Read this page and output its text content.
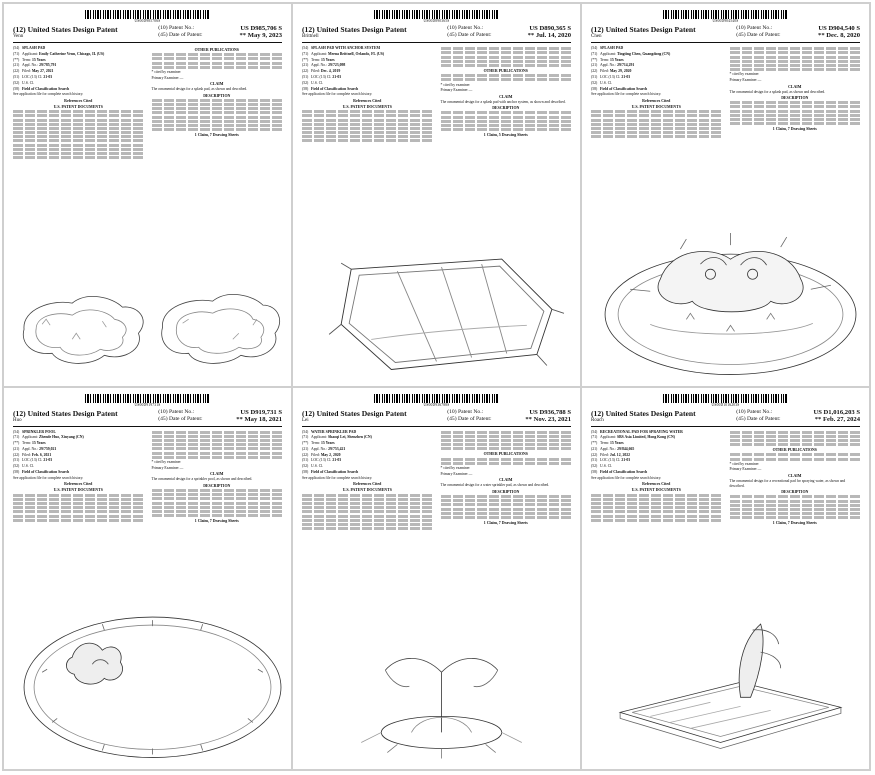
US00D985706S
(12) United States Design Patent
Venn
(10) Patent No.:	US D985,706 S
(45) Date of Patent:	** May 9, 2023
(54) SPLASH PAD
(71) Applicant: Emily Catherine Venn, Chicago, IL (US)
(**) Term: 15 Years
(21) Appl. No.: 29/785,791
(22) Filed: May 27, 2021
(51) LOC (13) Cl. 21-03
(52) U.S. Cl.
(58) Field of Classification Search
See application file for complete search history.
References Cited
U.S. PATENT DOCUMENTS
OTHER PUBLICATIONS
* cited by examiner
Primary Examiner —
CLAIM
The ornamental design for a splash pad, as shown and described.
DESCRIPTION
1 Claim, 7 Drawing Sheets
US00D890365S
(12) United States Design Patent
Brittnell
(10) Patent No.:	US D890,365 S
(45) Date of Patent:	** Jul. 14, 2020
(54) SPLASH PAD WITH ANCHOR SYSTEM
(71) Applicant: Meena Brittnell, Orlando, FL (US)
(**) Term: 15 Years
(21) Appl. No.: 29/723,098
(22) Filed: Dec. 4, 2019
(51) LOC (13) Cl. 21-03
(52) U.S. Cl.
(58) Field of Classification Search
See application file for complete search history.
References Cited
U.S. PATENT DOCUMENTS
OTHER PUBLICATIONS
* cited by examiner
Primary Examiner —
CLAIM
The ornamental design for a splash pad with anchor system, as shown and described.
DESCRIPTION
1 Claim, 5 Drawing Sheets
US00D904540S
(12) United States Design Patent
Chen
(10) Patent No.:	US D904,540 S
(45) Date of Patent:	** Dec. 8, 2020
(54) SPLASH PAD
(71) Applicant: Tingting Chen, Guangdong (CN)
(**) Term: 15 Years
(21) Appl. No.: 29/714,291
(22) Filed: May 29, 2020
(51) LOC (13) Cl. 21-03
(52) U.S. Cl.
(58) Field of Classification Search
See application file for complete search history.
References Cited
U.S. PATENT DOCUMENTS
* cited by examiner
Primary Examiner —
CLAIM
The ornamental design for a splash pad, as shown and described.
DESCRIPTION
1 Claim, 7 Drawing Sheets
US00D919731S
(12) United States Design Patent
Huo
(10) Patent No.:	US D919,731 S
(45) Date of Patent:	** May 18, 2021
(54) SPRINKLER POOL
(71) Applicant: Zhende Huo, Xinyang (CN)
(**) Term: 15 Years
(21) Appl. No.: 29/759,021
(22) Filed: Feb. 6, 2021
(51) LOC (13) Cl. 21-03
(52) U.S. Cl.
(58) Field of Classification Search
See application file for complete search history.
References Cited
U.S. PATENT DOCUMENTS
* cited by examiner
Primary Examiner —
CLAIM
The ornamental design for a sprinkler pool, as shown and described.
DESCRIPTION
1 Claim, 7 Drawing Sheets
US00D936788S
(12) United States Design Patent
Lei
(10) Patent No.:	US D936,788 S
(45) Date of Patent:	** Nov. 23, 2021
(54) WATER SPRINKLER PAD
(71) Applicant: Shaoqi Lei, Shenzhen (CN)
(**) Term: 15 Years
(21) Appl. No.: 29/753,421
(22) Filed: May 2, 2020
(51) LOC (13) Cl. 21-03
(52) U.S. Cl.
(58) Field of Classification Search
See application file for complete search history.
References Cited
U.S. PATENT DOCUMENTS
OTHER PUBLICATIONS
* cited by examiner
Primary Examiner —
CLAIM
The ornamental design for a water sprinkler pad, as shown and described.
DESCRIPTION
1 Claim, 7 Drawing Sheets
US00D1016203S
(12) United States Design Patent
Roach
(10) Patent No.:	US D1,016,203 S
(45) Date of Patent:	** Feb. 27, 2024
(54) RECREATIONAL PAD FOR SPRAYING WATER
(71) Applicant: SBS Asia Limited, Hong Kong (CN)
(**) Term: 15 Years
(21) Appl. No.: 29/844,665
(22) Filed: Jul. 12, 2022
(51) LOC (13) Cl. 21-03
(52) U.S. Cl.
(58) Field of Classification Search
See application file for complete search history.
References Cited
U.S. PATENT DOCUMENTS
OTHER PUBLICATIONS
* cited by examiner
Primary Examiner —
CLAIM
The ornamental design for a recreational pad for spraying water, as shown and described.
DESCRIPTION
1 Claim, 7 Drawing Sheets
